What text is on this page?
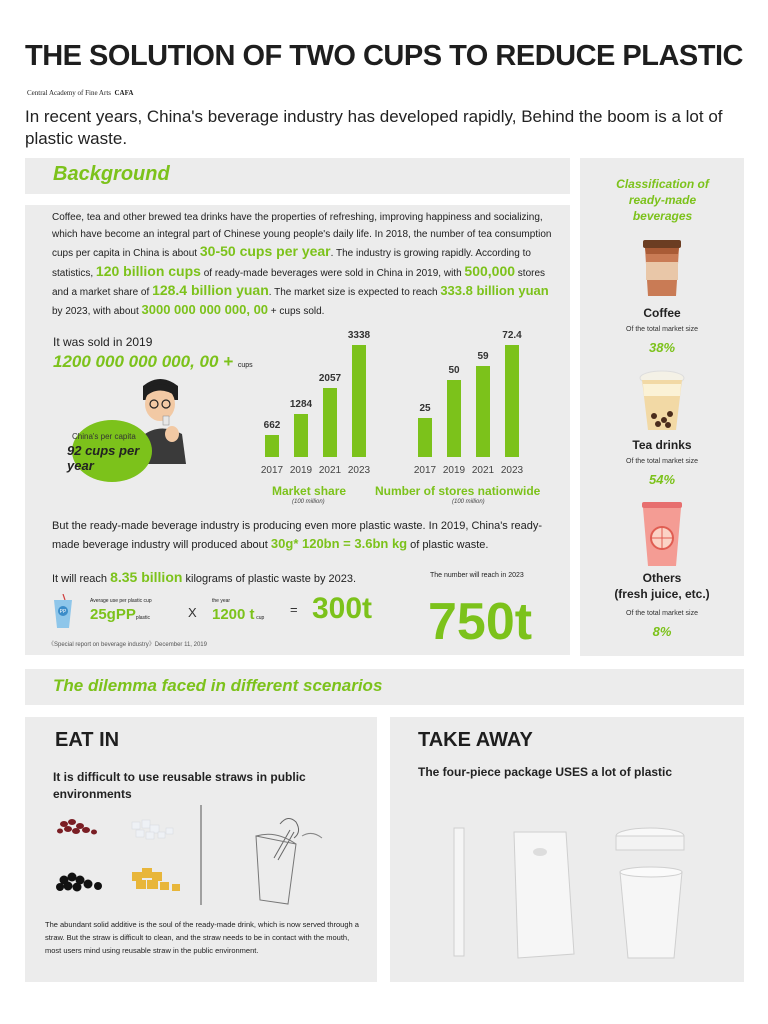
THE SOLUTION OF TWO CUPS TO REDUCE PLASTIC
Central Academy of Fine Arts CAFA
In recent years, China's beverage industry has developed rapidly, Behind the boom is a lot of plastic waste.
Background
Coffee, tea and other brewed tea drinks have the properties of refreshing, improving happiness and socializing, which have become an integral part of Chinese young people's daily life. In 2018, the number of tea consumption cups per capita in China is about 30-50 cups per year. The industry is growing rapidly. According to statistics, 120 billion cups of ready-made beverages were sold in China in 2019, with 500,000 stores and a market share of 128.4 billion yuan. The market size is expected to reach 333.8 billion yuan by 2023, with about 3000 000 000 000, 00 + cups sold.
It was sold in 2019
1200 000 000 000, 00 + cups
China's per capita
92 cups per year
662
2017
1284
2019
2057
2021
3338
2023
Market share
(100 million)
25
2017
50
2019
59
2021
72.4
2023
Number of stores nationwide
(100 million)
But the ready-made beverage industry is producing even more plastic waste. In 2019, China's ready-made beverage industry will produced about 30g* 120bn = 3.6bn kg of plastic waste.
It will reach 8.35 billion kilograms of plastic waste by 2023.	The number will reach in 2023
PP
Average use per plastic cup
25gPPplastic	X
the year
1200 t cup
= 300t 750t
《Special report on beverage industry》December 11, 2019
Classification of ready-made beverages
Coffee
Of the total market size
38%
Tea drinks
Of the total market size
54%
Others
(fresh juice, etc.)
Of the total market size
8%
The dilemma faced in different scenarios
EAT IN
It is difficult to use reusable straws in public environments
The abundant solid additive is the soul of the ready-made drink, which is now served through a straw. But the straw is difficult to clean, and the straw needs to be in contact with the mouth, most users mind using reusable straw in the public environment.
TAKE AWAY
The four-piece package USES a lot of plastic
